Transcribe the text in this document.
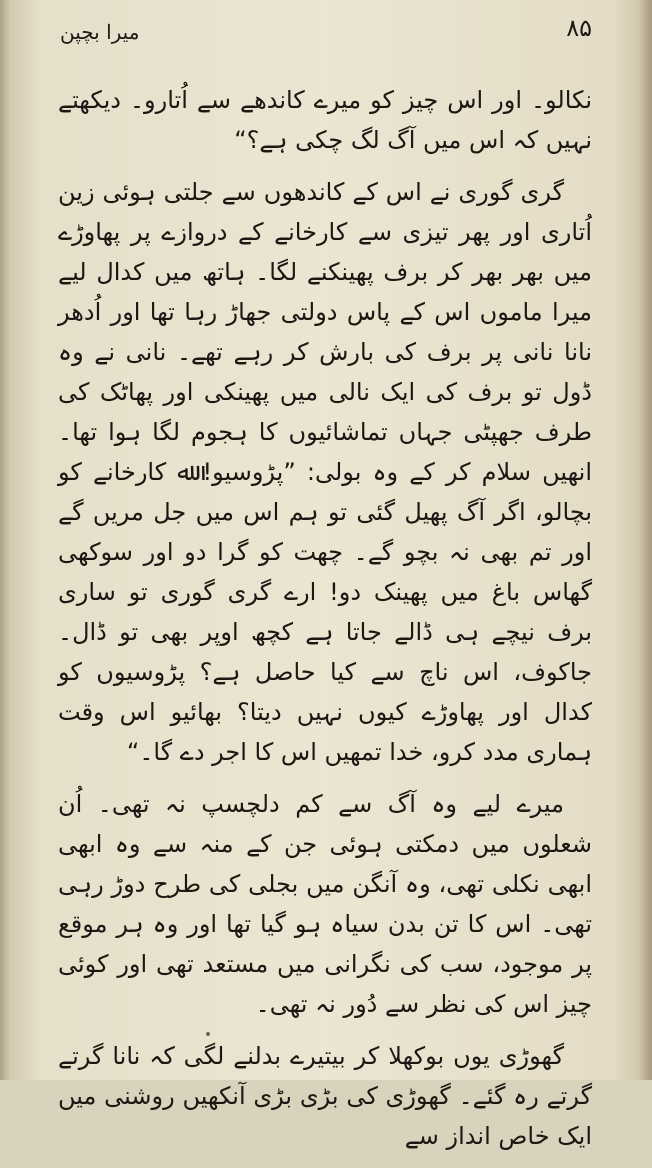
میرا بچپن	۸۵

نکالو۔ اور اس چیز کو میرے کاندھے سے اُتارو۔ دیکھتے نہیں کہ اس میں آگ لگ چکی ہے؟“

گری گوری نے اس کے کاندھوں سے جلتی ہوئی زین اُتاری اور پھر تیزی سے کارخانے کے دروازے پر پھاوڑے میں بھر بھر کر برف پھینکنے لگا۔ ہاتھ میں کدال لیے میرا ماموں اس کے پاس دولتی جھاڑ رہا تھا اور اُدھر نانا نانی پر برف کی بارش کر رہے تھے۔ نانی نے وہ ڈول تو برف کی ایک نالی میں پھینکی اور پھاٹک کی طرف جھپٹی جہاں تماشائیوں کا ہجوم لگا ہوا تھا۔ انھیں سلام کر کے وہ بولی: ”پڑوسیو! ﷲ کارخانے کو بچالو، اگر آگ پھیل گئی تو ہم اس میں جل مریں گے اور تم بھی نہ بچو گے۔ چھت کو گرا دو اور سوکھی گھاس باغ میں پھینک دو! ارے گری گوری تو ساری برف نیچے ہی ڈالے جاتا ہے کچھ اوپر بھی تو ڈال۔ جاکوف، اس ناچ سے کیا حاصل ہے؟ پڑوسیوں کو کدال اور پھاوڑے کیوں نہیں دیتا؟ بھائیو اس وقت ہماری مدد کرو، خدا تمھیں اس کا اجر دے گا۔“

میرے لیے وہ آگ سے کم دلچسپ نہ تھی۔ اُن شعلوں میں دمکتی ہوئی جن کے منہ سے وہ ابھی ابھی نکلی تھی، وہ آنگن میں بجلی کی طرح دوڑ رہی تھی۔ اس کا تن بدن سیاہ ہو گیا تھا اور وہ ہر موقع پر موجود، سب کی نگرانی میں مستعد تھی اور کوئی چیز اس کی نظر سے دُور نہ تھی۔

گھوڑی یوں بوکھلا کر بیتیرے بدلنے لگی کہ نانا گرتے گرتے رہ گئے۔ گھوڑی کی بڑی بڑی آنکھیں روشنی میں ایک خاص انداز سے
